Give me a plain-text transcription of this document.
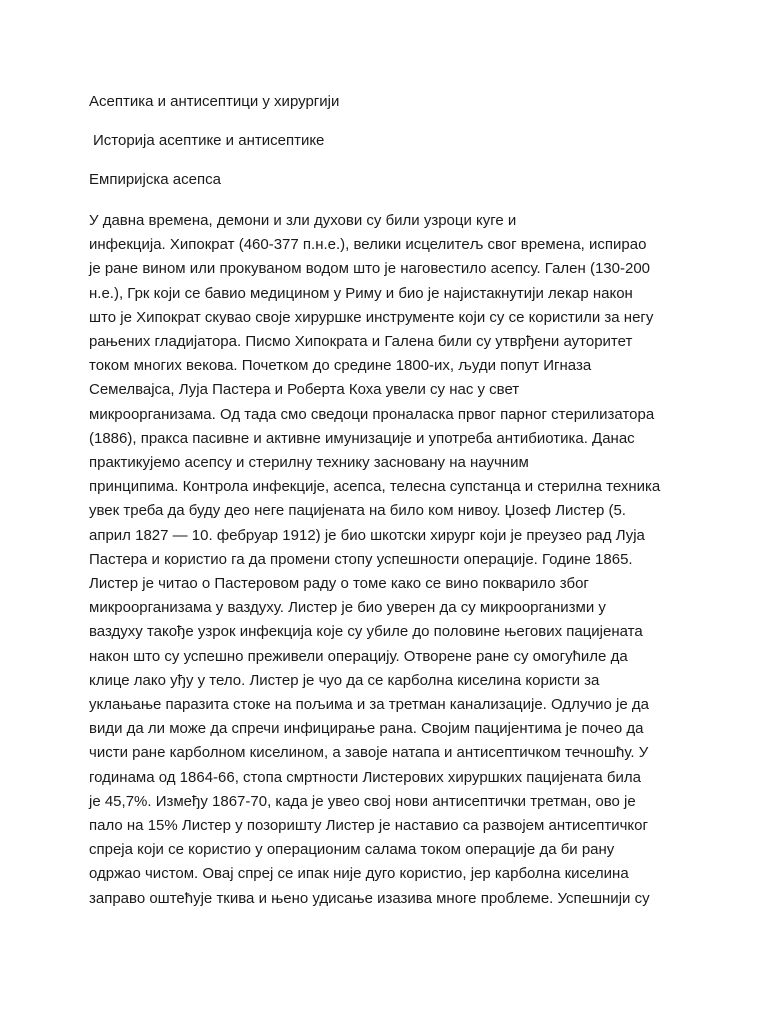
Асептика и антисептици у хирургији

Историја асептике и антисептике

Емпиријска асепса

У давна времена, демони и зли духови су били узроци куге и
инфекција. Хипократ (460-377 п.н.е.), велики исцелитељ свог времена, испирао
је ране вином или прокуваном водом што је наговестило асепсу. Гален (130-200
н.е.), Грк који се бавио медицином у Риму и био је најистакнутији лекар након
што је Хипократ скувао своје хируршке инструменте који су се користили за негу
рањених гладијатора. Писмо Хипократа и Галена били су утврђени ауторитет
током многих векова. Почетком до средине 1800-их, људи попут Игназа
Семелвајса, Луја Пастера и Роберта Коха увели су нас у свет
микроорганизама. Од тада смо сведоци проналаска првог парног стерилизатора
(1886), пракса пасивне и активне имунизације и употреба антибиотика. Данас
практикујемо асепсу и стерилну технику засновану на научним
принципима. Контрола инфекције, асепса, телесна супстанца и стерилна техника
увек треба да буду део неге пацијената на било ком нивоу. Џозеф Листер (5.
април 1827 — 10. фебруар 1912) је био шкотски хирург који је преузео рад Луја
Пастера и користио га да промени стопу успешности операције. Године 1865.
Листер је читао о Пастеровом раду о томе како се вино покварило због
микроорганизама у ваздуху. Листер је био уверен да су микроорганизми у
ваздуху такође узрок инфекција које су убиле до половине његових пацијената
након што су успешно преживели операцију. Отворене ране су омогућиле да
клице лако уђу у тело. Листер је чуо да се карболна киселина користи за
уклањање паразита стоке на пољима и за третман канализације. Одлучио је да
види да ли може да спречи инфицирање рана. Својим пацијентима је почео да
чисти ране карболном киселином, а завоје натапа и антисептичком течношћу. У
годинама од 1864-66, стопа смртности Листерових хируршких пацијената била
је 45,7%. Између 1867-70, када је увео свој нови антисептички третман, ово је
пало на 15% Листер у позоришту Листер је наставио са развојем антисептичког
спреја који се користио у операционим салама током операције да би рану
одржао чистом. Овај спреј се ипак није дуго користио, јер карболна киселина
заправо оштећује ткива и њено удисање изазива многе проблеме. Успешнији су
